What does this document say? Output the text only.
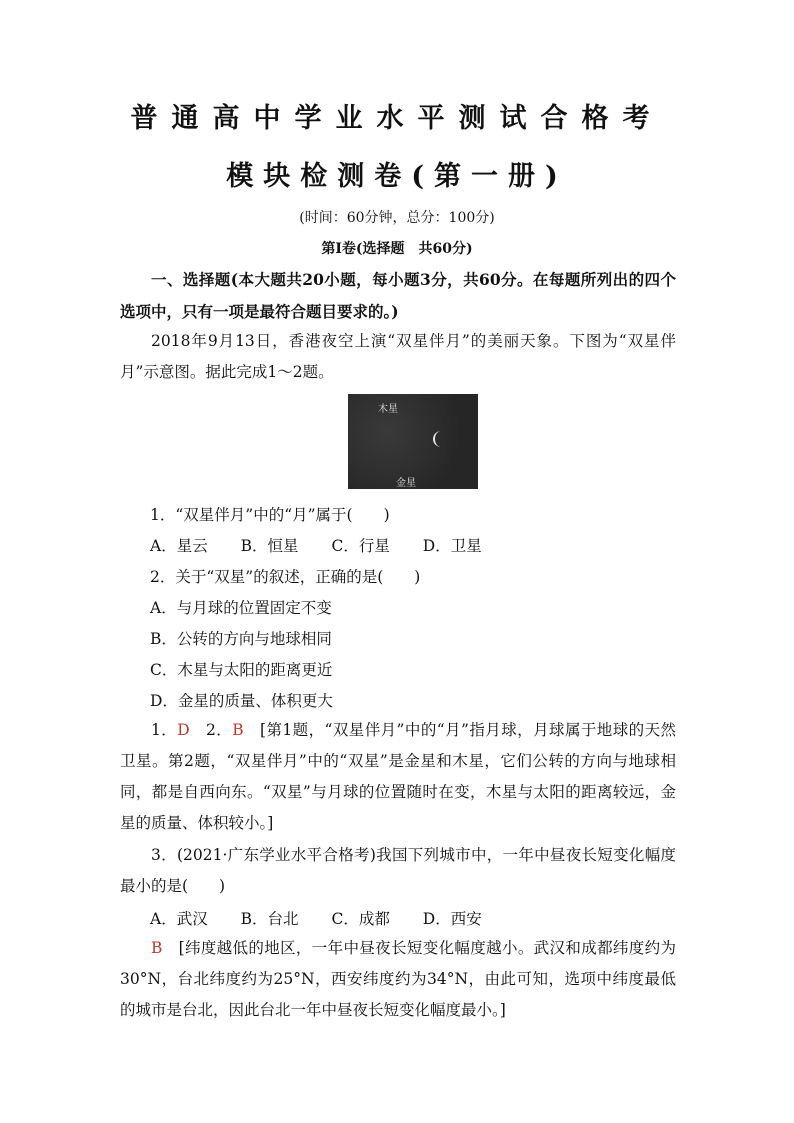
普通高中学业水平测试合格考
模块检测卷(第一册)
(时间：60分钟，总分：100分)
第Ⅰ卷(选择题　共60分)
一、选择题(本大题共20小题，每小题3分，共60分。在每题所列出的四个选项中，只有一项是最符合题目要求的。)
2018年9月13日，香港夜空上演“双星伴月”的美丽天象。下图为“双星伴月”示意图。据此完成1～2题。
木星
金星
1．“双星伴月”中的“月”属于(　　)
A．星云 B．恒星 C．行星 D．卫星
2．关于“双星”的叙述，正确的是(　　)
A．与月球的位置固定不变
B．公转的方向与地球相同
C．木星与太阳的距离更近
D．金星的质量、体积更大
1．D　2．B　[第1题，“双星伴月”中的“月”指月球，月球属于地球的天然卫星。第2题，“双星伴月”中的“双星”是金星和木星，它们公转的方向与地球相同，都是自西向东。“双星”与月球的位置随时在变，木星与太阳的距离较远，金星的质量、体积较小。]
3．(2021·广东学业水平合格考)我国下列城市中，一年中昼夜长短变化幅度最小的是(　　)
A．武汉 B．台北 C．成都 D．西安
B　[纬度越低的地区，一年中昼夜长短变化幅度越小。武汉和成都纬度约为30°N，台北纬度约为25°N，西安纬度约为34°N，由此可知，选项中纬度最低的城市是台北，因此台北一年中昼夜长短变化幅度最小。]
